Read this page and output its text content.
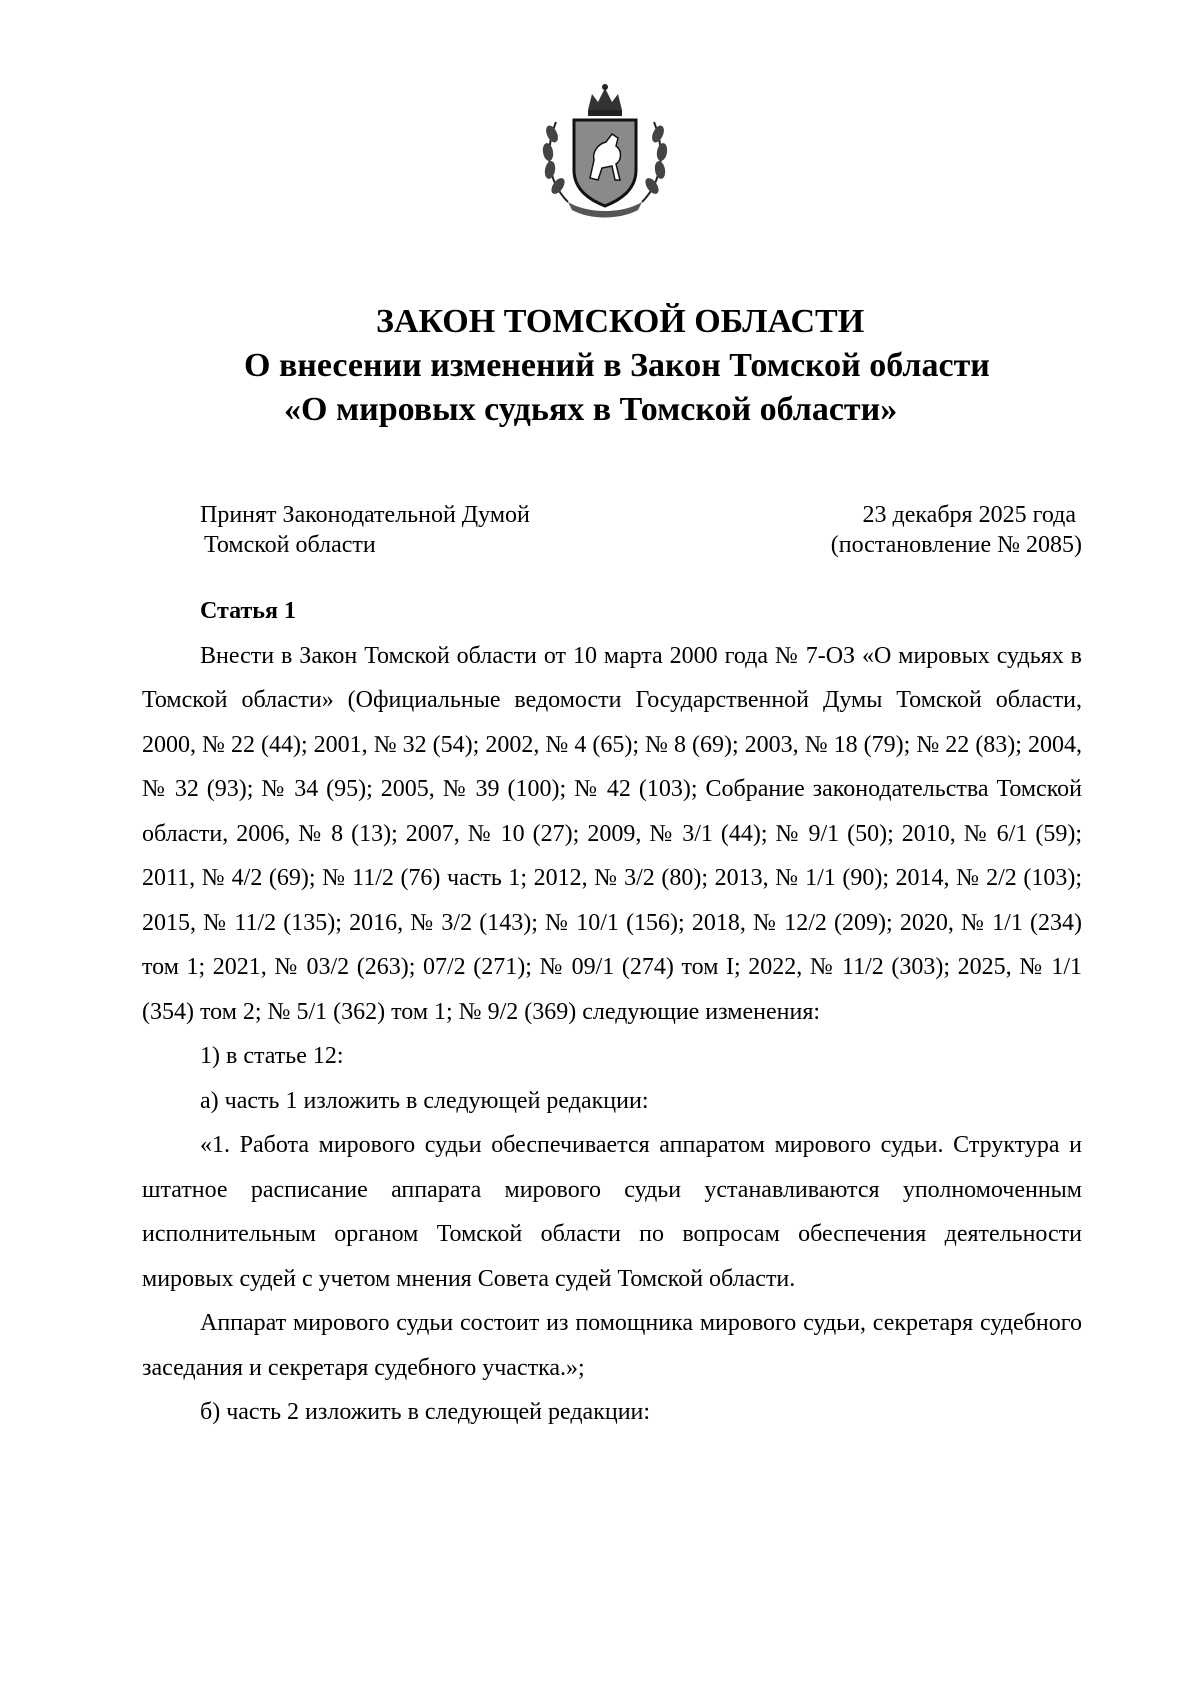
ЗАКОН ТОМСКОЙ ОБЛАСТИ
О внесении изменений в Закон Томской области
«О мировых судьях в Томской области»
Принят Законодательной Думой
Томской области
23 декабря 2025 года
(постановление № 2085)

Статья 1

Внести в Закон Томской области от 10 марта 2000 года № 7-ОЗ «О мировых судьях в Томской области» (Официальные ведомости Государственной Думы Томской области, 2000, № 22 (44); 2001, № 32 (54); 2002, № 4 (65); № 8 (69); 2003, № 18 (79); № 22 (83); 2004, № 32 (93); № 34 (95); 2005, № 39 (100); № 42 (103); Собрание законодательства Томской области, 2006, № 8 (13); 2007, № 10 (27); 2009, № 3/1 (44); № 9/1 (50); 2010, № 6/1 (59); 2011, № 4/2 (69); № 11/2 (76) часть 1; 2012, № 3/2 (80); 2013, № 1/1 (90); 2014, № 2/2 (103); 2015, № 11/2 (135); 2016, № 3/2 (143); № 10/1 (156); 2018, № 12/2 (209); 2020, № 1/1 (234) том 1; 2021, № 03/2 (263); 07/2 (271); № 09/1 (274) том I; 2022, № 11/2 (303); 2025, № 1/1 (354) том 2; № 5/1 (362) том 1; № 9/2 (369) следующие изменения:

1) в статье 12:

а) часть 1 изложить в следующей редакции:

«1. Работа мирового судьи обеспечивается аппаратом мирового судьи. Структура и штатное расписание аппарата мирового судьи устанавливаются уполномоченным исполнительным органом Томской области по вопросам обеспечения деятельности мировых судей с учетом мнения Совета судей Томской области.

Аппарат мирового судьи состоит из помощника мирового судьи, секретаря судебного заседания и секретаря судебного участка.»;

б) часть 2 изложить в следующей редакции:
